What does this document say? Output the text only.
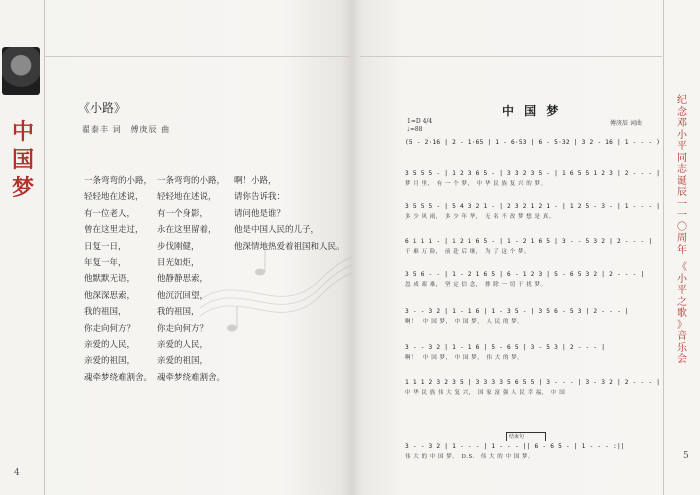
中
国
梦
《小路》
翟泰丰 词　傅庚辰 曲
一条弯弯的小路，
轻轻地在述说，
有一位老人，
曾在这里走过，
日复一日，
年复一年，
他默默无语，
他深深思索，
我的祖国，
你走向何方？
亲爱的人民，
亲爱的祖国，
魂牵梦绕难割舍。
一条弯弯的小路，
轻轻地在述说，
有一个身影，
永在这里留着，
步伐刚健，
目光如炬，
他静静思索，
他沉沉回望，
我的祖国，
你走向何方？
亲爱的人民，
亲爱的祖国，
魂牵梦绕难割舍。
啊！小路，
请你告诉我：
请问他是谁？
他是中国人民的儿子，
他深情地热爱着祖国和人民。
4
中 国 梦
傅庚辰 词曲
1=D 4/4
♩=88
(5 - 2·16 | 2 - 1·65 | 1 - 6·53 | 6 - 5·32 | 3 2 - 16 | 1 - - - )
3 5 5 5 - | 1 2 3 6 5 - | 3 3 2 3 5 - | 1 6 5 5 1 2 3 | 2 - - - |
梦 月 里，　有 一 个 梦，　中 华 民 族 复 兴 的 梦。
3 5 5 5 - | 5 4 3 2 1 - | 2 3 2 1 2 1 - | 1 2 5 - 3 - | 1 - - - |
多 少 风 雨，　多 少 年 华，　无 名 不 改 梦 想 是 真。
6 i i i - | i 2 i 6 5 - | 1 - 2 1 6 5 | 3 - - 5 3 2 | 2 - - - |
千 难 万 险，　前 赴 后 继，　为 了 这 个 梦。
3 5 6 - - | 1 - 2 1 6 5 | 6 - 1 2 3 | 5 - 6 5 3 2 | 2 - - - |
忽 成 艰 难，　坚 定 信 念，　排 除 一 切 干 扰 梦。
3 - - 3 2 | 1 - 1 6 | 1 - 3 5 - | 3 5 6 - 5 3 | 2 - - - |
啊！　中 国 梦，　中 国 梦，　人 民 的 梦。
3 - - 3 2 | 1 - 1 6 | 5 - 6 5 | 3 - 5 3 | 2 - - - |
啊！　中 国 梦，　中 国 梦，　伟 大 的 梦。
1 1 1 2 3 2 3 5 | 3 3 3 3 5 6 5 5 | 3 - - - | 3 - 3 2 | 2 - - - |
中 华 民 族 伟 大 复 兴，　国 家 富 强 人 民 幸 福，　中 国
结束句
3 - - 3 2 | 1 - - - | 1 - - - || 6 - 6 5 - | 1 - - - :||
伟 大 的 中 国 梦。　D.S.　伟 大 的 中 国 梦。
纪
念
邓
小
平
同
志
诞
辰
一
一
〇
周
年
《
小
平
之
歌
》
音
乐
会
5
